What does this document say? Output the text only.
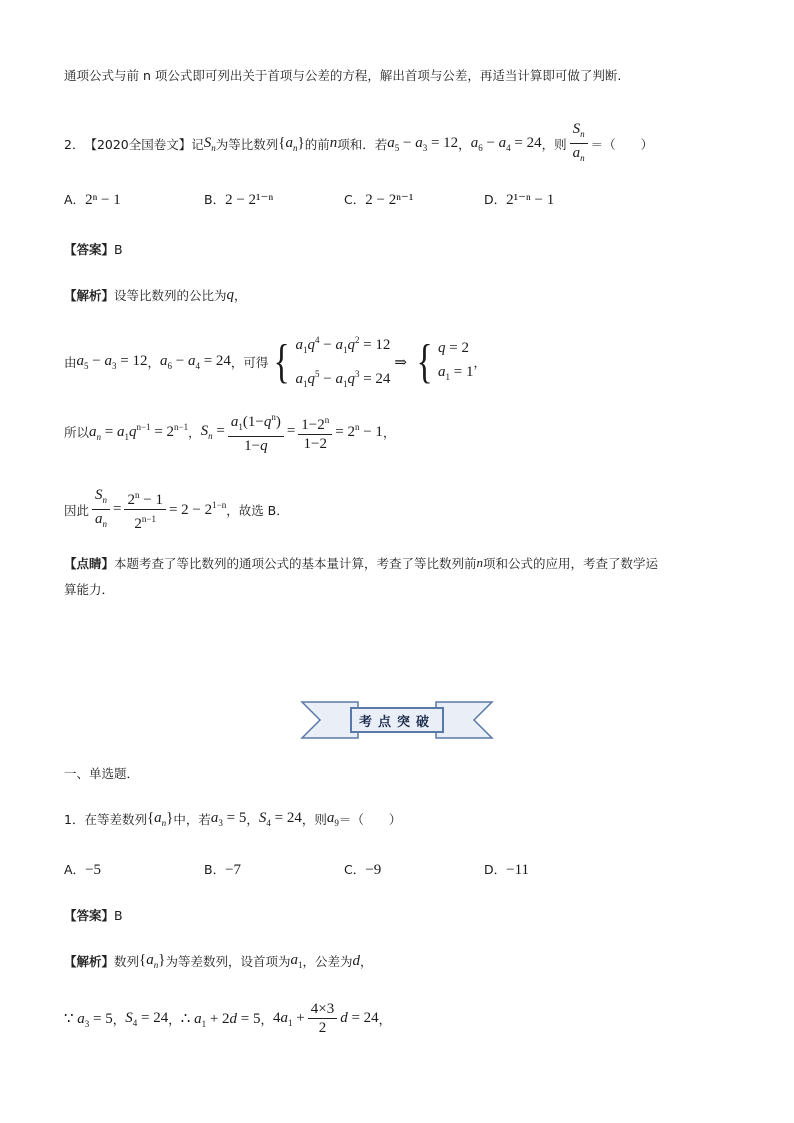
通项公式与前 n 项公式即可列出关于首项与公差的方程，解出首项与公差，再适当计算即可做了判断.
2． 【2020全国卷文】 记 $S_n$ 为等比数列 $\{a_n\}$ 的前 n 项和．若 $a_5 - a_3 = 12$ ， $a_6 - a_4 = 24$ ，则 $\frac{S_n}{a_n}$ ＝（　　）
A．2ⁿ − 1	B．2 − 2¹⁻ⁿ	C．2 − 2ⁿ⁻¹	D．2¹⁻ⁿ − 1
【答案】 B
【解析】 设等比数列的公比为 q ，
由 $a_5 - a_3 = 12$ ， $a_6 - a_4 = 24$ ，可得 { $a_1q^4 - a_1q^2 = 12$
$a_1q^5 - a_1q^3 = 24$
⇒ { q = 2
$a_1 = 1$
，
所以 $a_n = a_1q^{n-1} = 2^{n-1}$ ， $S_n = \frac{a_1(1-q^n)}{1-q} = \frac{1-2^n}{1-2} = 2^n - 1$ ，
因此 $\frac{S_n}{a_n} = \frac{2^n - 1}{2^{n-1}} = 2 - 2^{1-n}$ ，故选 B．
【点睛】 本题考查了等比数列的通项公式的基本量计算，考查了等比数列前 n 项和公式的应用，考查了数学运
算能力．
考点突破
一、单选题．
1． 在等差数列 $\{a_n\}$ 中，若 $a_3 = 5$ ， $S_4 = 24$ ，则 $a_9$ ＝（　　）
A．−5	B．−7	C．−9	D．−11
【答案】 B
【解析】 数列 $\{a_n\}$ 为等差数列，设首项为 $a_1$ ，公差为 d ，
∵ $a_3 = 5$ ， $S_4 = 24$ ， ∴ $a_1 + 2d = 5$ ， $4a_1 + \frac{4\times 3}{2}$ d = 24 ，
